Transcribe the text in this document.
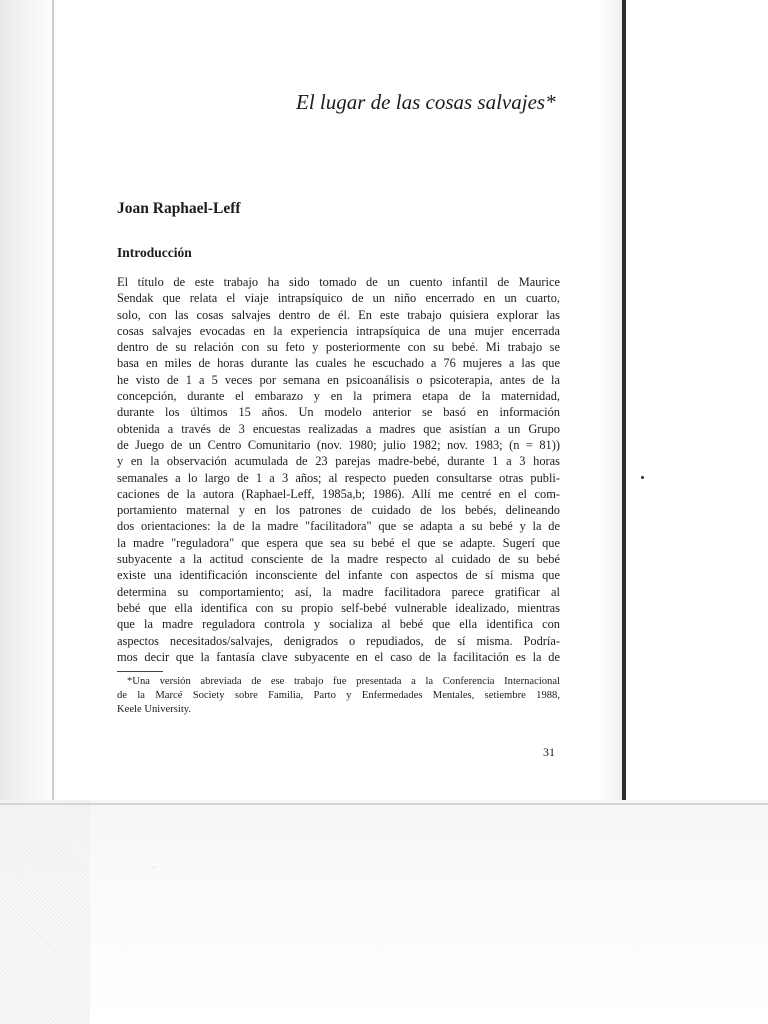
El lugar de las cosas salvajes*
Joan Raphael-Leff
Introducción
El título de este trabajo ha sido tomado de un cuento infantil de Maurice
Sendak que relata el viaje intrapsíquico de un niño encerrado en un cuarto,
solo, con las cosas salvajes dentro de él. En este trabajo quisiera explorar las
cosas salvajes evocadas en la experiencia intrapsíquica de una mujer encerrada
dentro de su relación con su feto y posteriormente con su bebé. Mi trabajo se
basa en miles de horas durante las cuales he escuchado a 76 mujeres a las que
he visto de 1 a 5 veces por semana en psicoanálisis o psicoterapia, antes de la
concepción, durante el embarazo y en la primera etapa de la maternidad,
durante los últimos 15 años. Un modelo anterior se basó en información
obtenida a través de 3 encuestas realizadas a madres que asistían a un Grupo
de Juego de un Centro Comunitario (nov. 1980; julio 1982; nov. 1983; (n = 81))
y en la observación acumulada de 23 parejas madre-bebé, durante 1 a 3 horas
semanales a lo largo de 1 a 3 años; al respecto pueden consultarse otras publi-
caciones de la autora (Raphael-Leff, 1985a,b; 1986). Allí me centré en el com-
portamiento maternal y en los patrones de cuidado de los bebés, delineando
dos orientaciones: la de la madre "facilitadora" que se adapta a su bebé y la de
la madre "reguladora" que espera que sea su bebé el que se adapte. Sugerí que
subyacente a la actitud consciente de la madre respecto al cuidado de su bebé
existe una identificación inconsciente del infante con aspectos de sí misma que
determina su comportamiento; así, la madre facilitadora parece gratificar al
bebé que ella identifica con su propio self-bebé vulnerable idealizado, mientras
que la madre reguladora controla y socializa al bebé que ella identifica con
aspectos necesitados/salvajes, denigrados o repudiados, de sí misma. Podría-
mos decir que la fantasía clave subyacente en el caso de la facilitación es la de
*Una versión abreviada de ese trabajo fue presentada a la Conferencia Internacional
de la Marcé Society sobre Familia, Parto y Enfermedades Mentales, setiembre 1988,
Keele University.

31
